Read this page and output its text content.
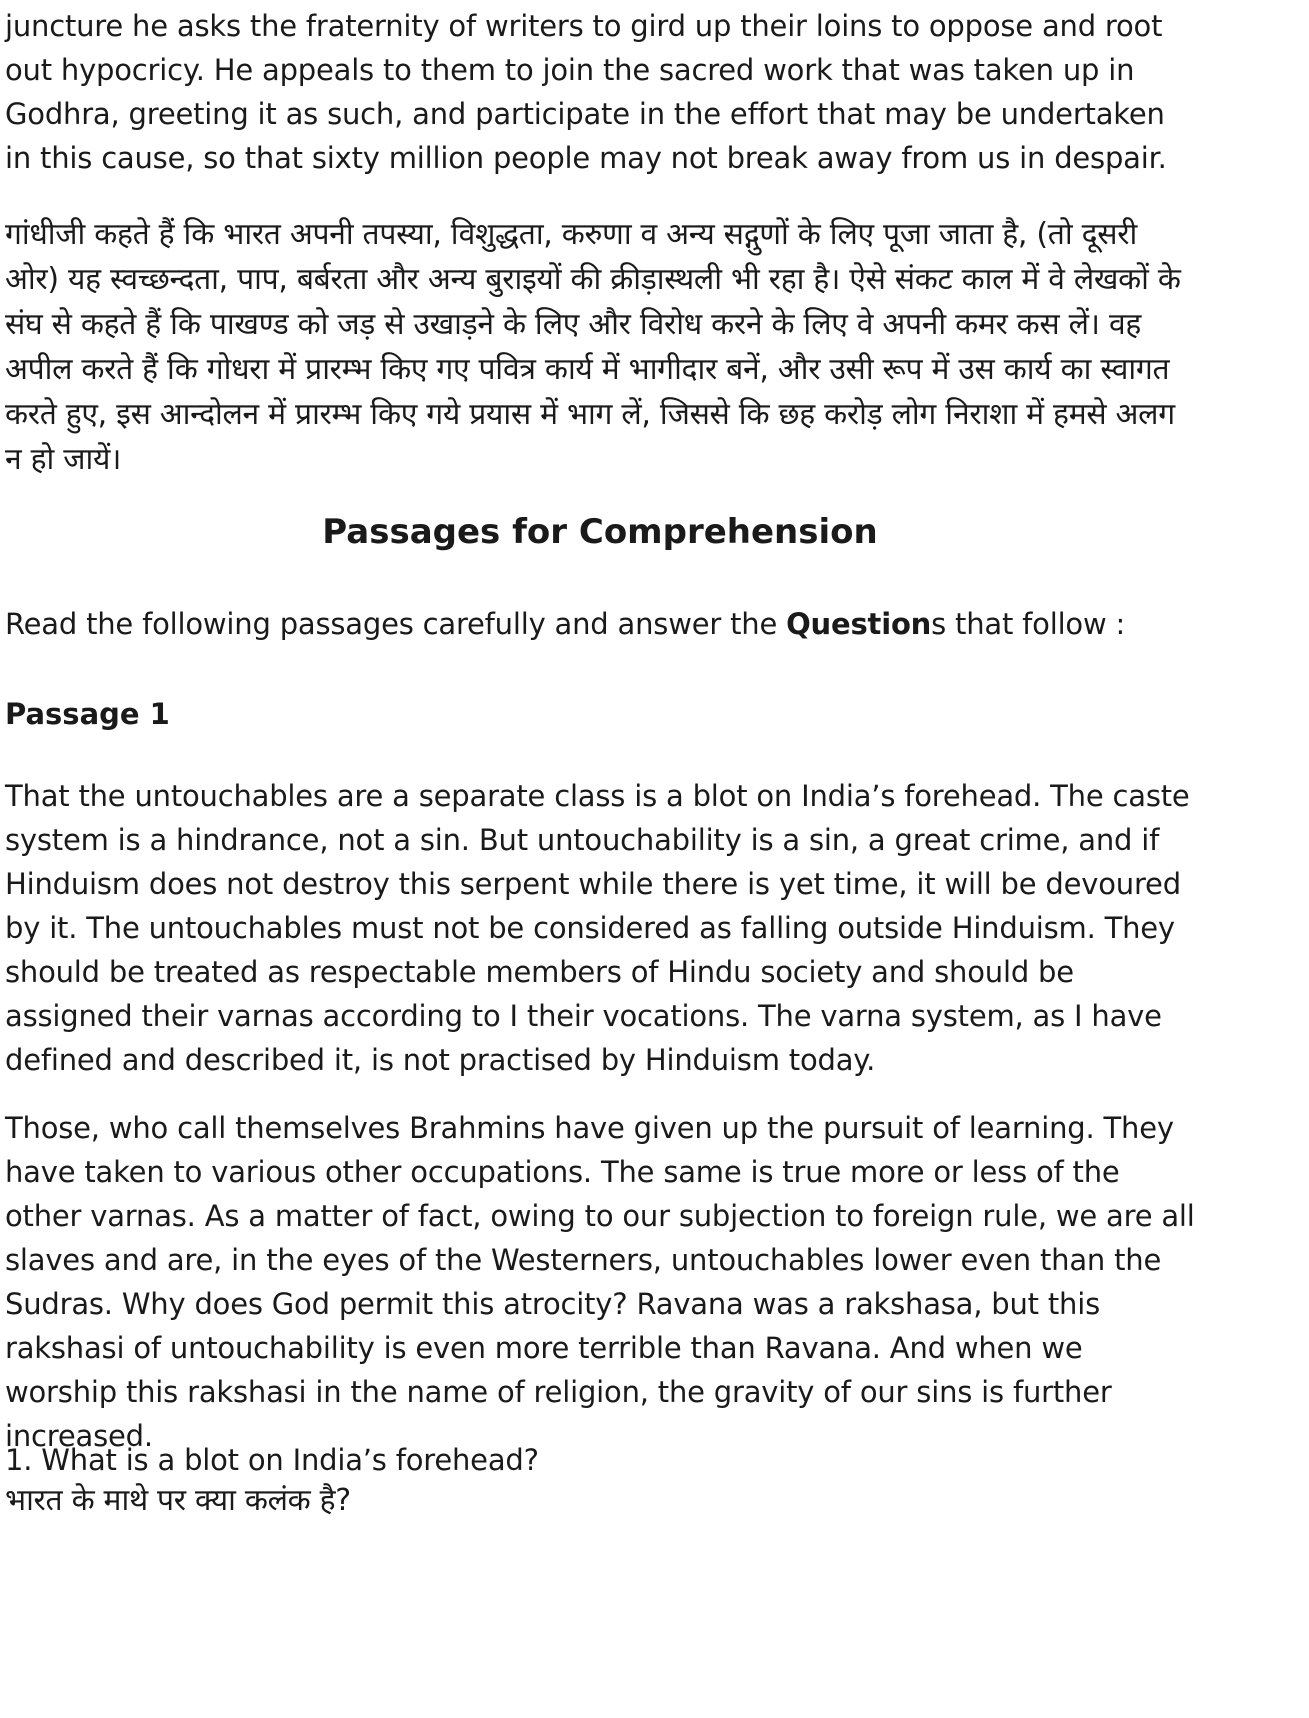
juncture he asks the fraternity of writers to gird up their loins to oppose and root out hypocricy. He appeals to them to join the sacred work that was taken up in Godhra, greeting it as such, and participate in the effort that may be undertaken in this cause, so that sixty million people may not break away from us in despair.

गांधीजी कहते हैं कि भारत अपनी तपस्या, विशुद्धता, करुणा व अन्य सद्गुणों के लिए पूजा जाता है, (तो दूसरी ओर) यह स्वच्छन्दता, पाप, बर्बरता और अन्य बुराइयों की क्रीड़ास्थली भी रहा है। ऐसे संकट काल में वे लेखकों के संघ से कहते हैं कि पाखण्ड को जड़ से उखाड़ने के लिए और विरोध करने के लिए वे अपनी कमर कस लें। वह अपील करते हैं कि गोधरा में प्रारम्भ किए गए पवित्र कार्य में भागीदार बनें, और उसी रूप में उस कार्य का स्वागत करते हुए, इस आन्दोलन में प्रारम्भ किए गये प्रयास में भाग लें, जिससे कि छह करोड़ लोग निराशा में हमसे अलग न हो जायें।

Passages for Comprehension

Read the following passages carefully and answer the Questions that follow :

Passage 1

That the untouchables are a separate class is a blot on India’s forehead. The caste system is a hindrance, not a sin. But untouchability is a sin, a great crime, and if Hinduism does not destroy this serpent while there is yet time, it will be devoured by it. The untouchables must not be considered as falling outside Hinduism. They should be treated as respectable members of Hindu society and should be assigned their varnas according to I their vocations. The varna system, as I have defined and described it, is not practised by Hinduism today.

Those, who call themselves Brahmins have given up the pursuit of learning. They have taken to various other occupations. The same is true more or less of the other varnas. As a matter of fact, owing to our subjection to foreign rule, we are all slaves and are, in the eyes of the Westerners, untouchables lower even than the Sudras. Why does God permit this atrocity? Ravana was a rakshasa, but this rakshasi of untouchability is even more terrible than Ravana. And when we worship this rakshasi in the name of religion, the gravity of our sins is further increased.

1. What is a blot on India’s forehead?

भारत के माथे पर क्या कलंक है?
